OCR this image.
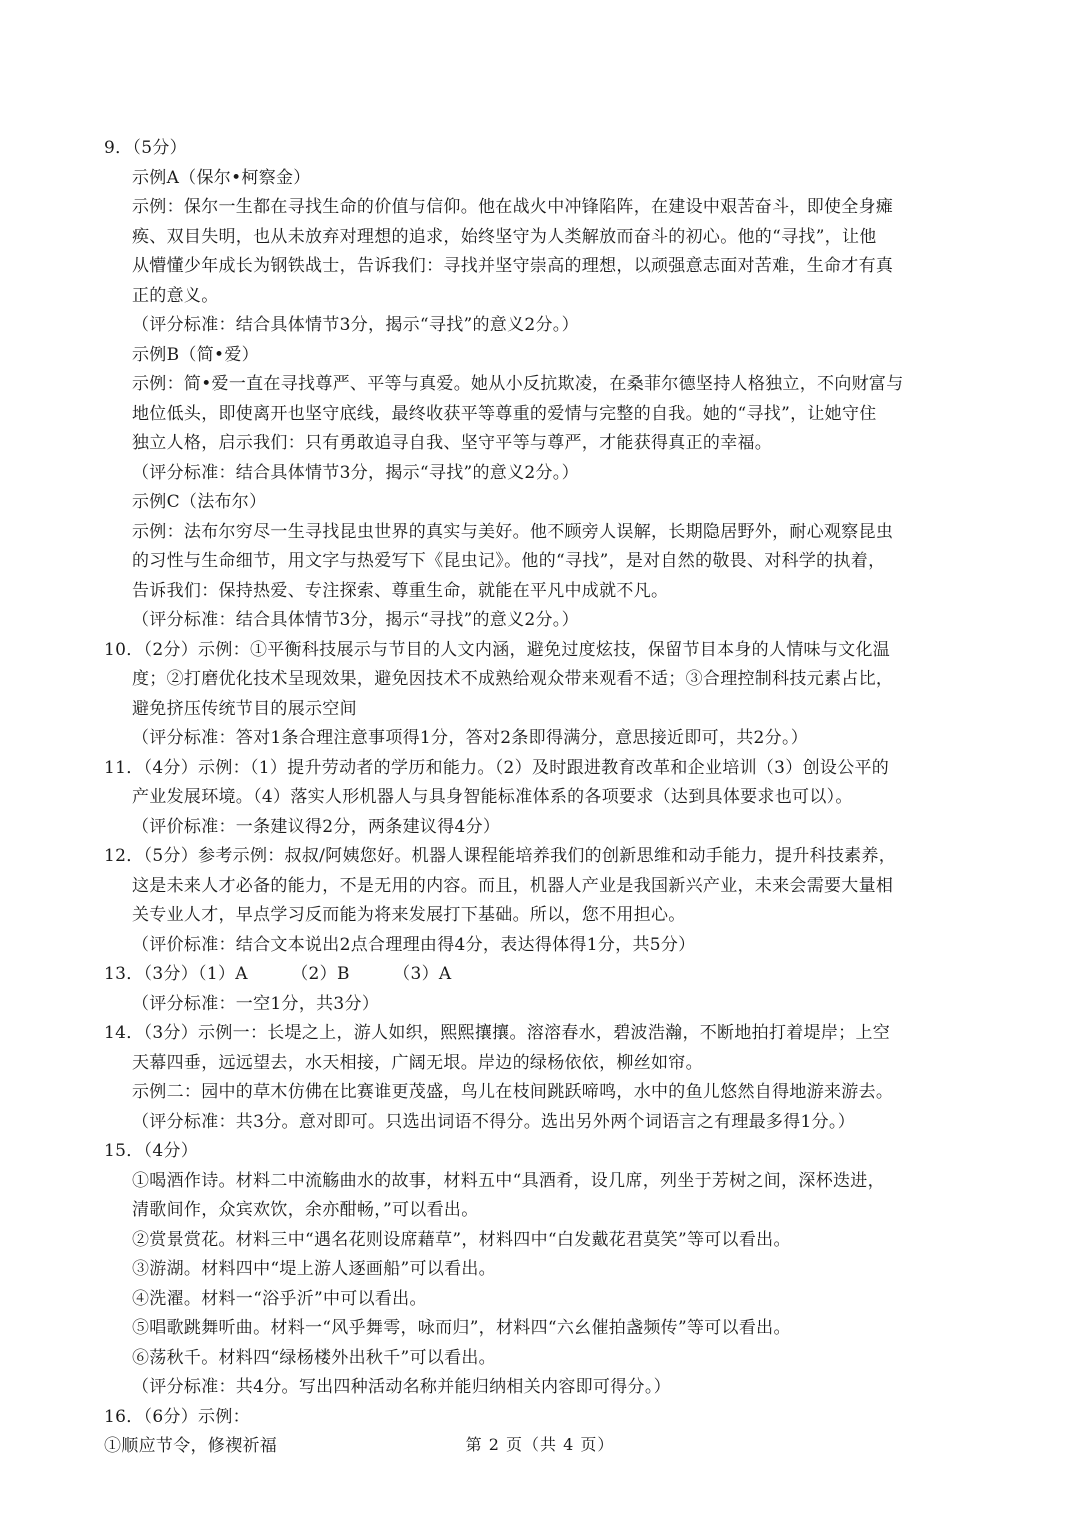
9．（5分）
示例A（保尔•柯察金）
示例：保尔一生都在寻找生命的价值与信仰。他在战火中冲锋陷阵，在建设中艰苦奋斗，即使全身瘫
痪、双目失明，也从未放弃对理想的追求，始终坚守为人类解放而奋斗的初心。他的“寻找”，让他
从懵懂少年成长为钢铁战士，告诉我们：寻找并坚守崇高的理想，以顽强意志面对苦难，生命才有真
正的意义。
（评分标准：结合具体情节3分，揭示“寻找”的意义2分。）
示例B（简•爱）
示例：简•爱一直在寻找尊严、平等与真爱。她从小反抗欺凌，在桑菲尔德坚持人格独立，不向财富与
地位低头，即使离开也坚守底线，最终收获平等尊重的爱情与完整的自我。她的“寻找”，让她守住
独立人格，启示我们：只有勇敢追寻自我、坚守平等与尊严，才能获得真正的幸福。
（评分标准：结合具体情节3分，揭示“寻找”的意义2分。）
示例C（法布尔）
示例：法布尔穷尽一生寻找昆虫世界的真实与美好。他不顾旁人误解，长期隐居野外，耐心观察昆虫
的习性与生命细节，用文字与热爱写下《昆虫记》。他的“寻找”，是对自然的敬畏、对科学的执着，
告诉我们：保持热爱、专注探索、尊重生命，就能在平凡中成就不凡。
（评分标准：结合具体情节3分，揭示“寻找”的意义2分。）
10．（2分）示例：①平衡科技展示与节目的人文内涵，避免过度炫技，保留节目本身的人情味与文化温
度；②打磨优化技术呈现效果，避免因技术不成熟给观众带来观看不适；③合理控制科技元素占比，
避免挤压传统节目的展示空间
（评分标准：答对1条合理注意事项得1分，答对2条即得满分，意思接近即可，共2分。）
11．（4分）示例：（1）提升劳动者的学历和能力。（2）及时跟进教育改革和企业培训（3）创设公平的
产业发展环境。（4）落实人形机器人与具身智能标准体系的各项要求（达到具体要求也可以）。
（评价标准：一条建议得2分，两条建议得4分）
12．（5分）参考示例：叔叔/阿姨您好。机器人课程能培养我们的创新思维和动手能力，提升科技素养，
这是未来人才必备的能力，不是无用的内容。而且，机器人产业是我国新兴产业，未来会需要大量相
关专业人才，早点学习反而能为将来发展打下基础。所以，您不用担心。
（评价标准：结合文本说出2点合理理由得4分，表达得体得1分，共5分）
13．（3分）（1）A　　　（2）B　　　（3）A
（评分标准：一空1分，共3分）
14．（3分）示例一：长堤之上，游人如织，熙熙攘攘。溶溶春水，碧波浩瀚，不断地拍打着堤岸；上空
天幕四垂，远远望去，水天相接，广阔无垠。岸边的绿杨依依，柳丝如帘。
示例二：园中的草木仿佛在比赛谁更茂盛，鸟儿在枝间跳跃啼鸣，水中的鱼儿悠然自得地游来游去。
（评分标准：共3分。意对即可。只选出词语不得分。选出另外两个词语言之有理最多得1分。）
15．（4分）
①喝酒作诗。材料二中流觞曲水的故事，材料五中“具酒肴，设几席，列坐于芳树之间，深杯迭进，
清歌间作，众宾欢饮，余亦酣畅，”可以看出。
②赏景赏花。材料三中“遇名花则设席藉草”，材料四中“白发戴花君莫笑”等可以看出。
③游湖。材料四中“堤上游人逐画船”可以看出。
④洗濯。材料一“浴乎沂”中可以看出。
⑤唱歌跳舞听曲。材料一“风乎舞雩，咏而归”，材料四“六幺催拍盏频传”等可以看出。
⑥荡秋千。材料四“绿杨楼外出秋千”可以看出。
（评分标准：共4分。写出四种活动名称并能归纳相关内容即可得分。）
16．（6分）示例：
①顺应节令，修禊祈福	第 2 页（共 4 页）
